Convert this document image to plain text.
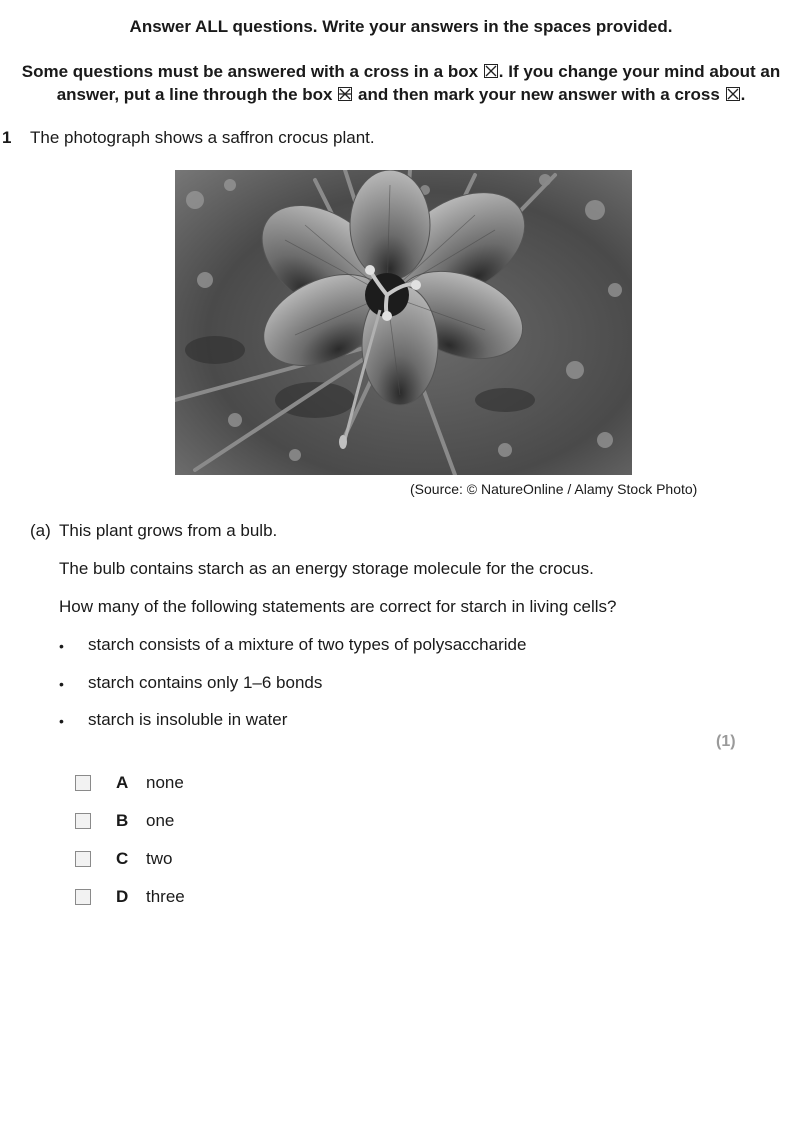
Answer ALL questions. Write your answers in the spaces provided.
Some questions must be answered with a cross in a box ☒. If you change your mind about an
answer, put a line through the box and then mark your new answer with a cross ☒.
1 The photograph shows a saffron crocus plant.
(Source: © NatureOnline / Alamy Stock Photo)
(a) This plant grows from a bulb.
The bulb contains starch as an energy storage molecule for the crocus.
How many of the following statements are correct for starch in living cells?
• starch consists of a mixture of two types of polysaccharide
• starch contains only 1–6 bonds
• starch is insoluble in water
(1)
A none
B one
C two
D three
